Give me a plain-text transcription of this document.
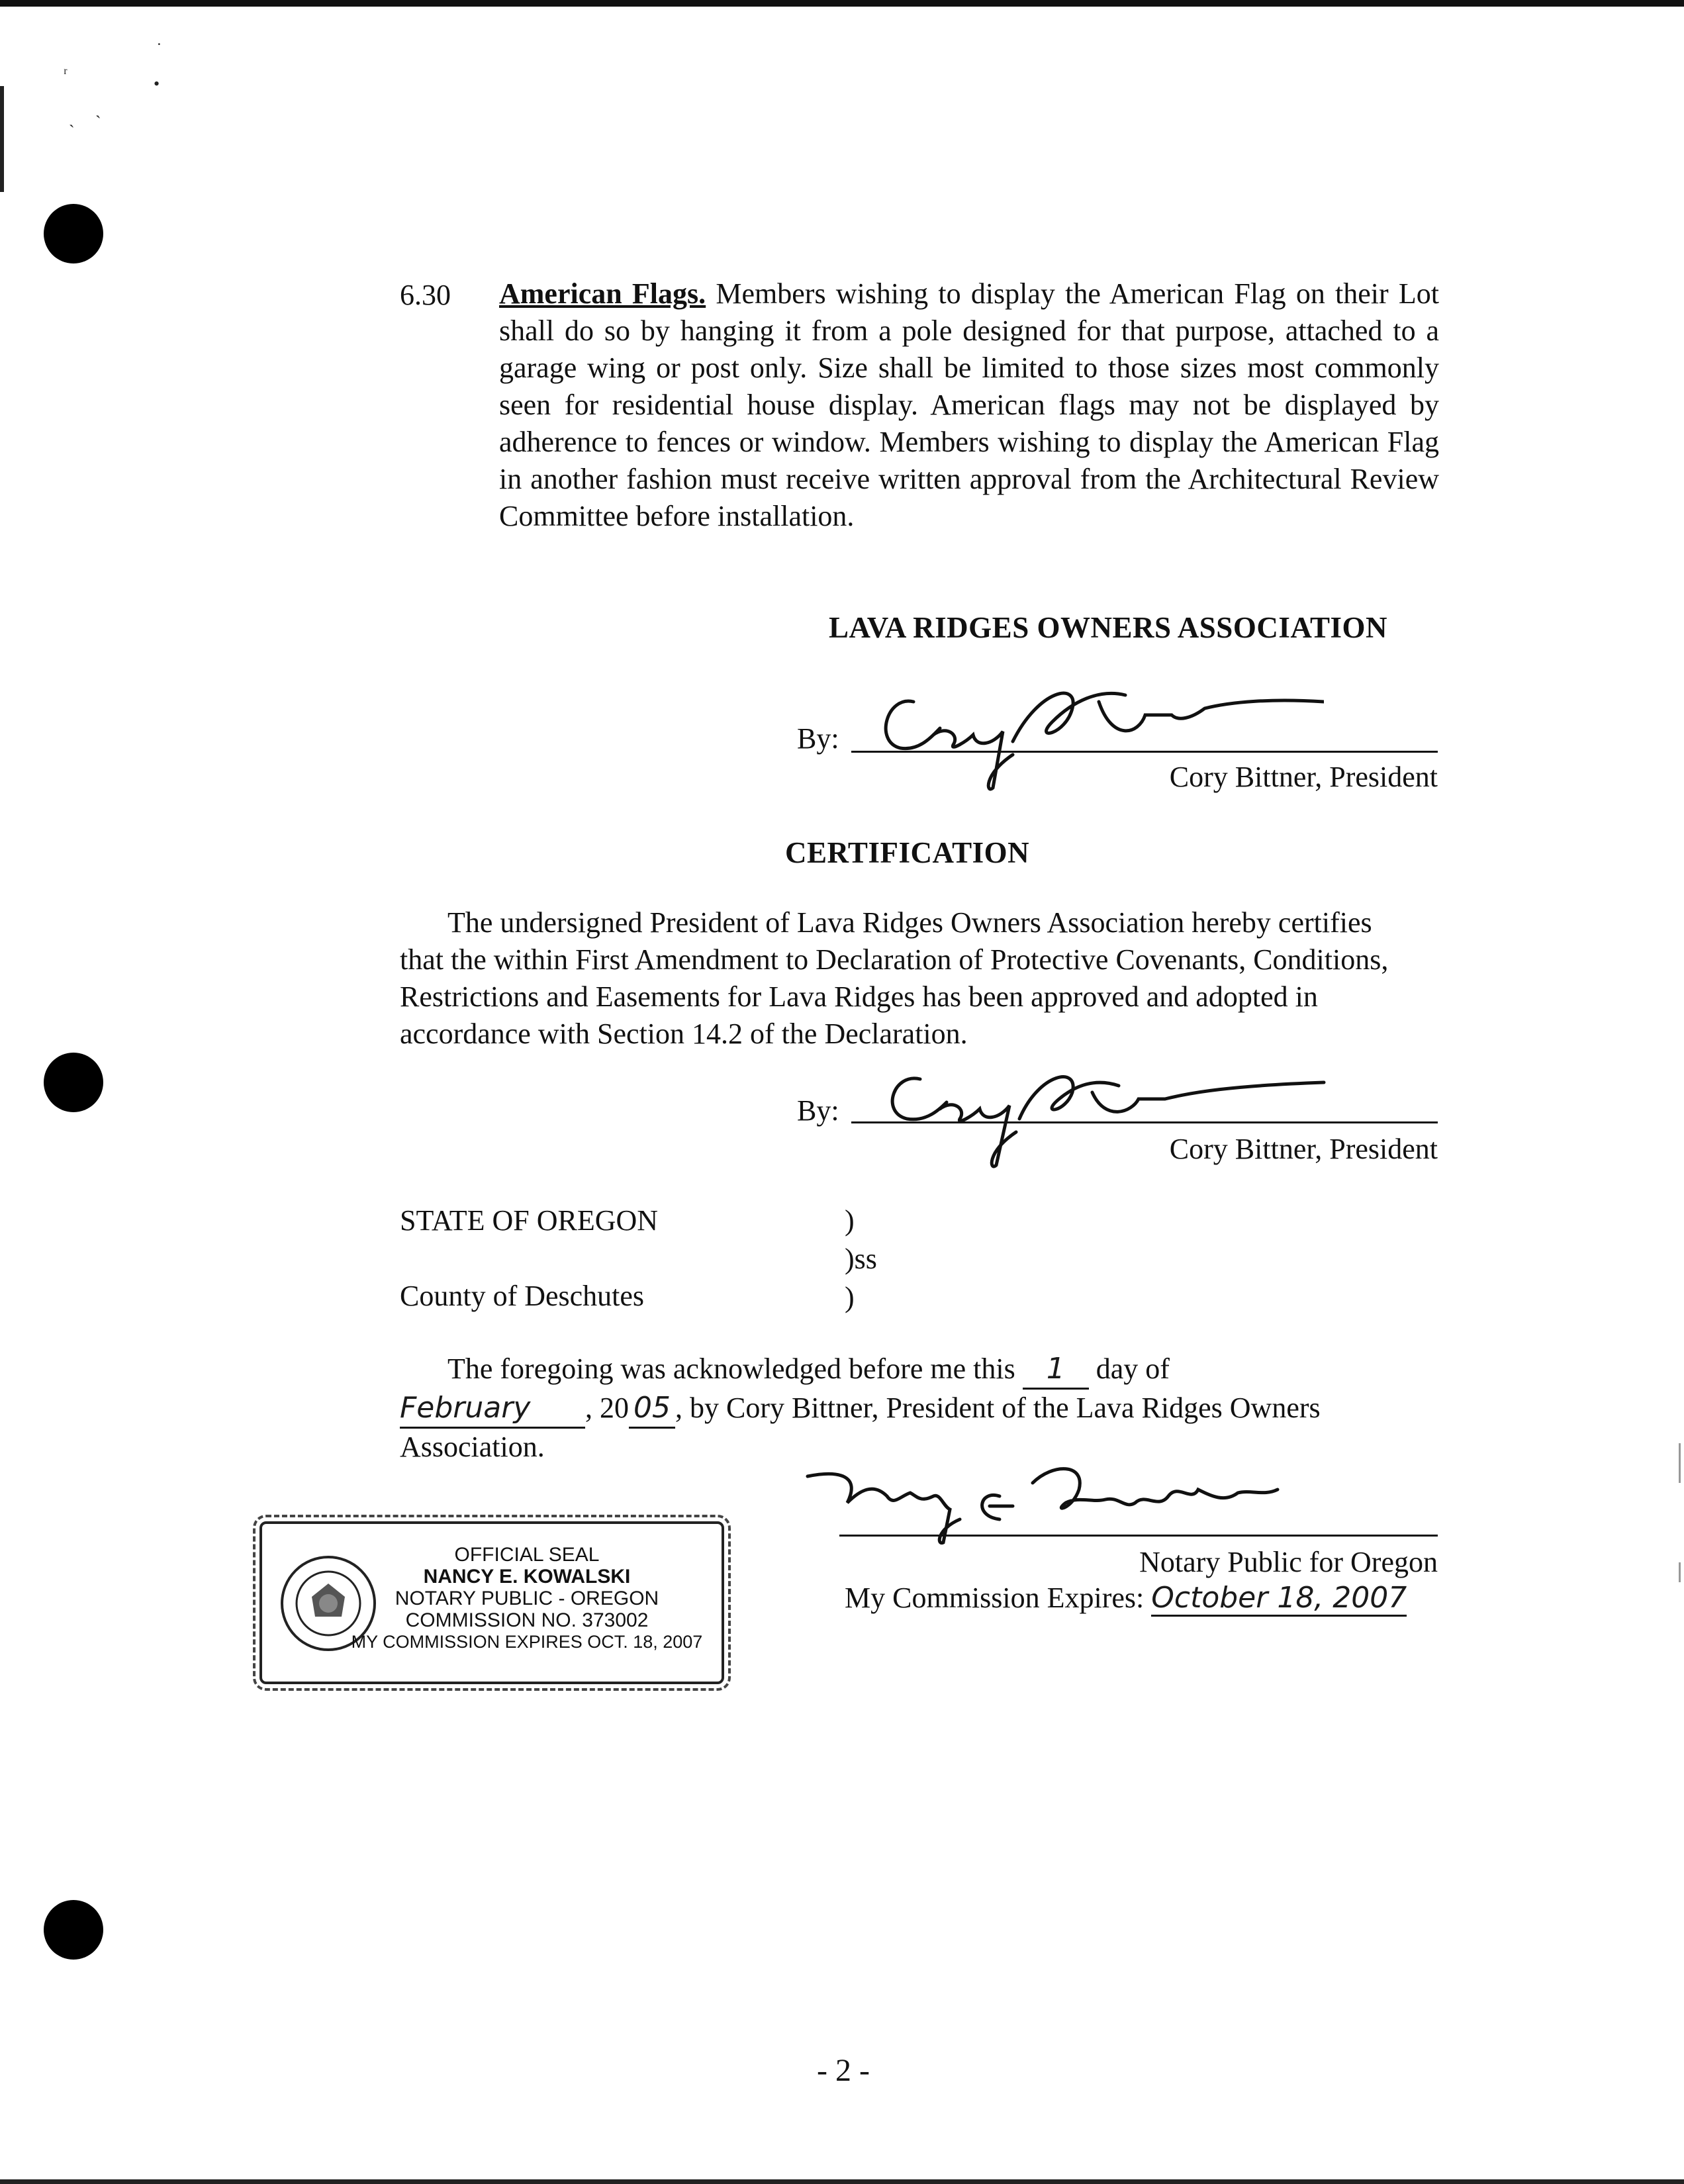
ʳ
•
˙
˴
ˏ
6.30 American Flags. Members wishing to display the American Flag on their Lot shall do so by hanging it from a pole designed for that purpose, attached to a garage wing or post only. Size shall be limited to those sizes most commonly seen for residential house display. American flags may not be displayed by adherence to fences or window. Members wishing to display the American Flag in another fashion must receive written approval from the Architectural Review Committee before installation.
LAVA RIDGES OWNERS ASSOCIATION
By:
Cory Bittner, President
CERTIFICATION

The undersigned President of Lava Ridges Owners Association hereby certifies that the within First Amendment to Declaration of Protective Covenants, Conditions, Restrictions and Easements for Lava Ridges has been approved and adopted in accordance with Section 14.2 of the Declaration.

By:
Cory Bittner, President
STATE OF OREGON
County of Deschutes
)
)ss
)
The foregoing was acknowledged before me this 1 day of
February , 20 05 , by Cory Bittner, President of the Lava Ridges Owners
Association.
Notary Public for Oregon
My Commission Expires: October 18, 2007
OFFICIAL SEAL
NANCY E. KOWALSKI
NOTARY PUBLIC - OREGON
COMMISSION NO. 373002
MY COMMISSION EXPIRES OCT. 18, 2007
- 2 -
